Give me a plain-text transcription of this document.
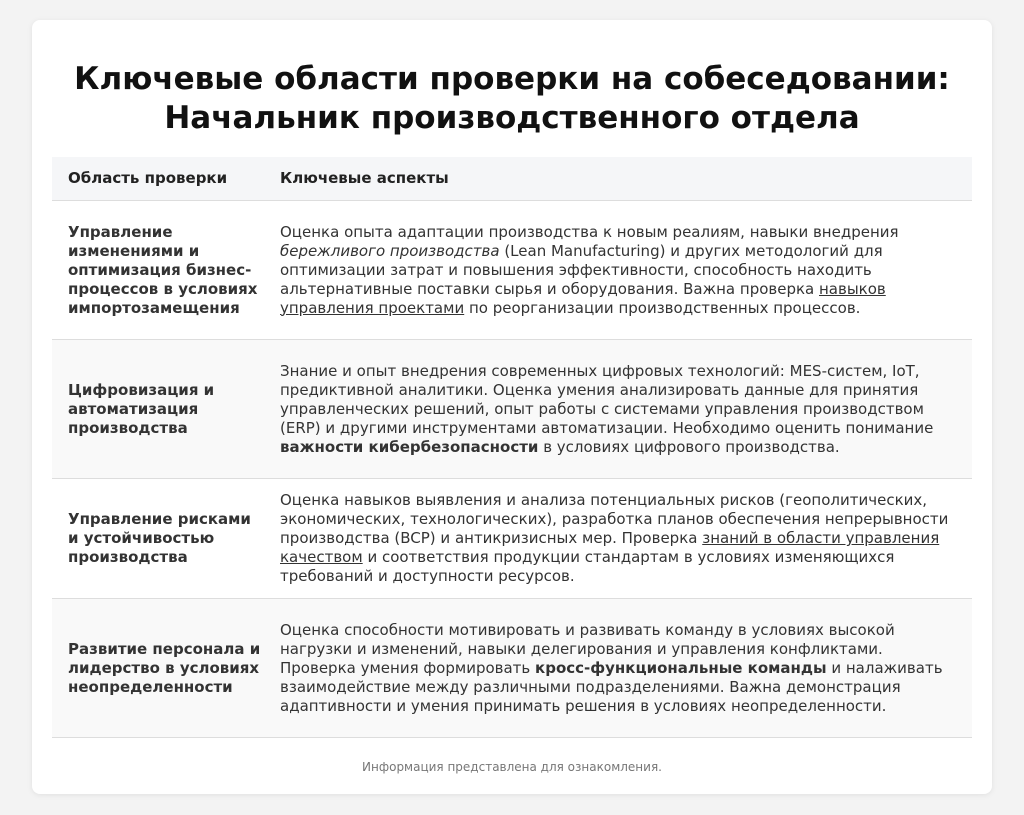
Ключевые области проверки на собеседовании:
Начальник производственного отдела
Область проверки	Ключевые аспекты
Управление изменениями и оптимизация бизнес-процессов в условиях импортозамещения
Оценка опыта адаптации производства к новым реалиям, навыки внедрения бережливого производства (Lean Manufacturing) и других методологий для оптимизации затрат и повышения эффективности, способность находить альтернативные поставки сырья и оборудования. Важна проверка навыков управления проектами по реорганизации производственных процессов.
Цифровизация и автоматизация производства
Знание и опыт внедрения современных цифровых технологий: MES-систем, IoT, предиктивной аналитики. Оценка умения анализировать данные для принятия управленческих решений, опыт работы с системами управления производством (ERP) и другими инструментами автоматизации. Необходимо оценить понимание важности кибербезопасности в условиях цифрового производства.
Управление рисками и устойчивостью производства
Оценка навыков выявления и анализа потенциальных рисков (геополитических, экономических, технологических), разработка планов обеспечения непрерывности производства (BCP) и антикризисных мер. Проверка знаний в области управления качеством и соответствия продукции стандартам в условиях изменяющихся требований и доступности ресурсов.
Развитие персонала и лидерство в условиях неопределенности
Оценка способности мотивировать и развивать команду в условиях высокой нагрузки и изменений, навыки делегирования и управления конфликтами. Проверка умения формировать кросс-функциональные команды и налаживать взаимодействие между различными подразделениями. Важна демонстрация адаптивности и умения принимать решения в условиях неопределенности.
Информация представлена для ознакомления.
